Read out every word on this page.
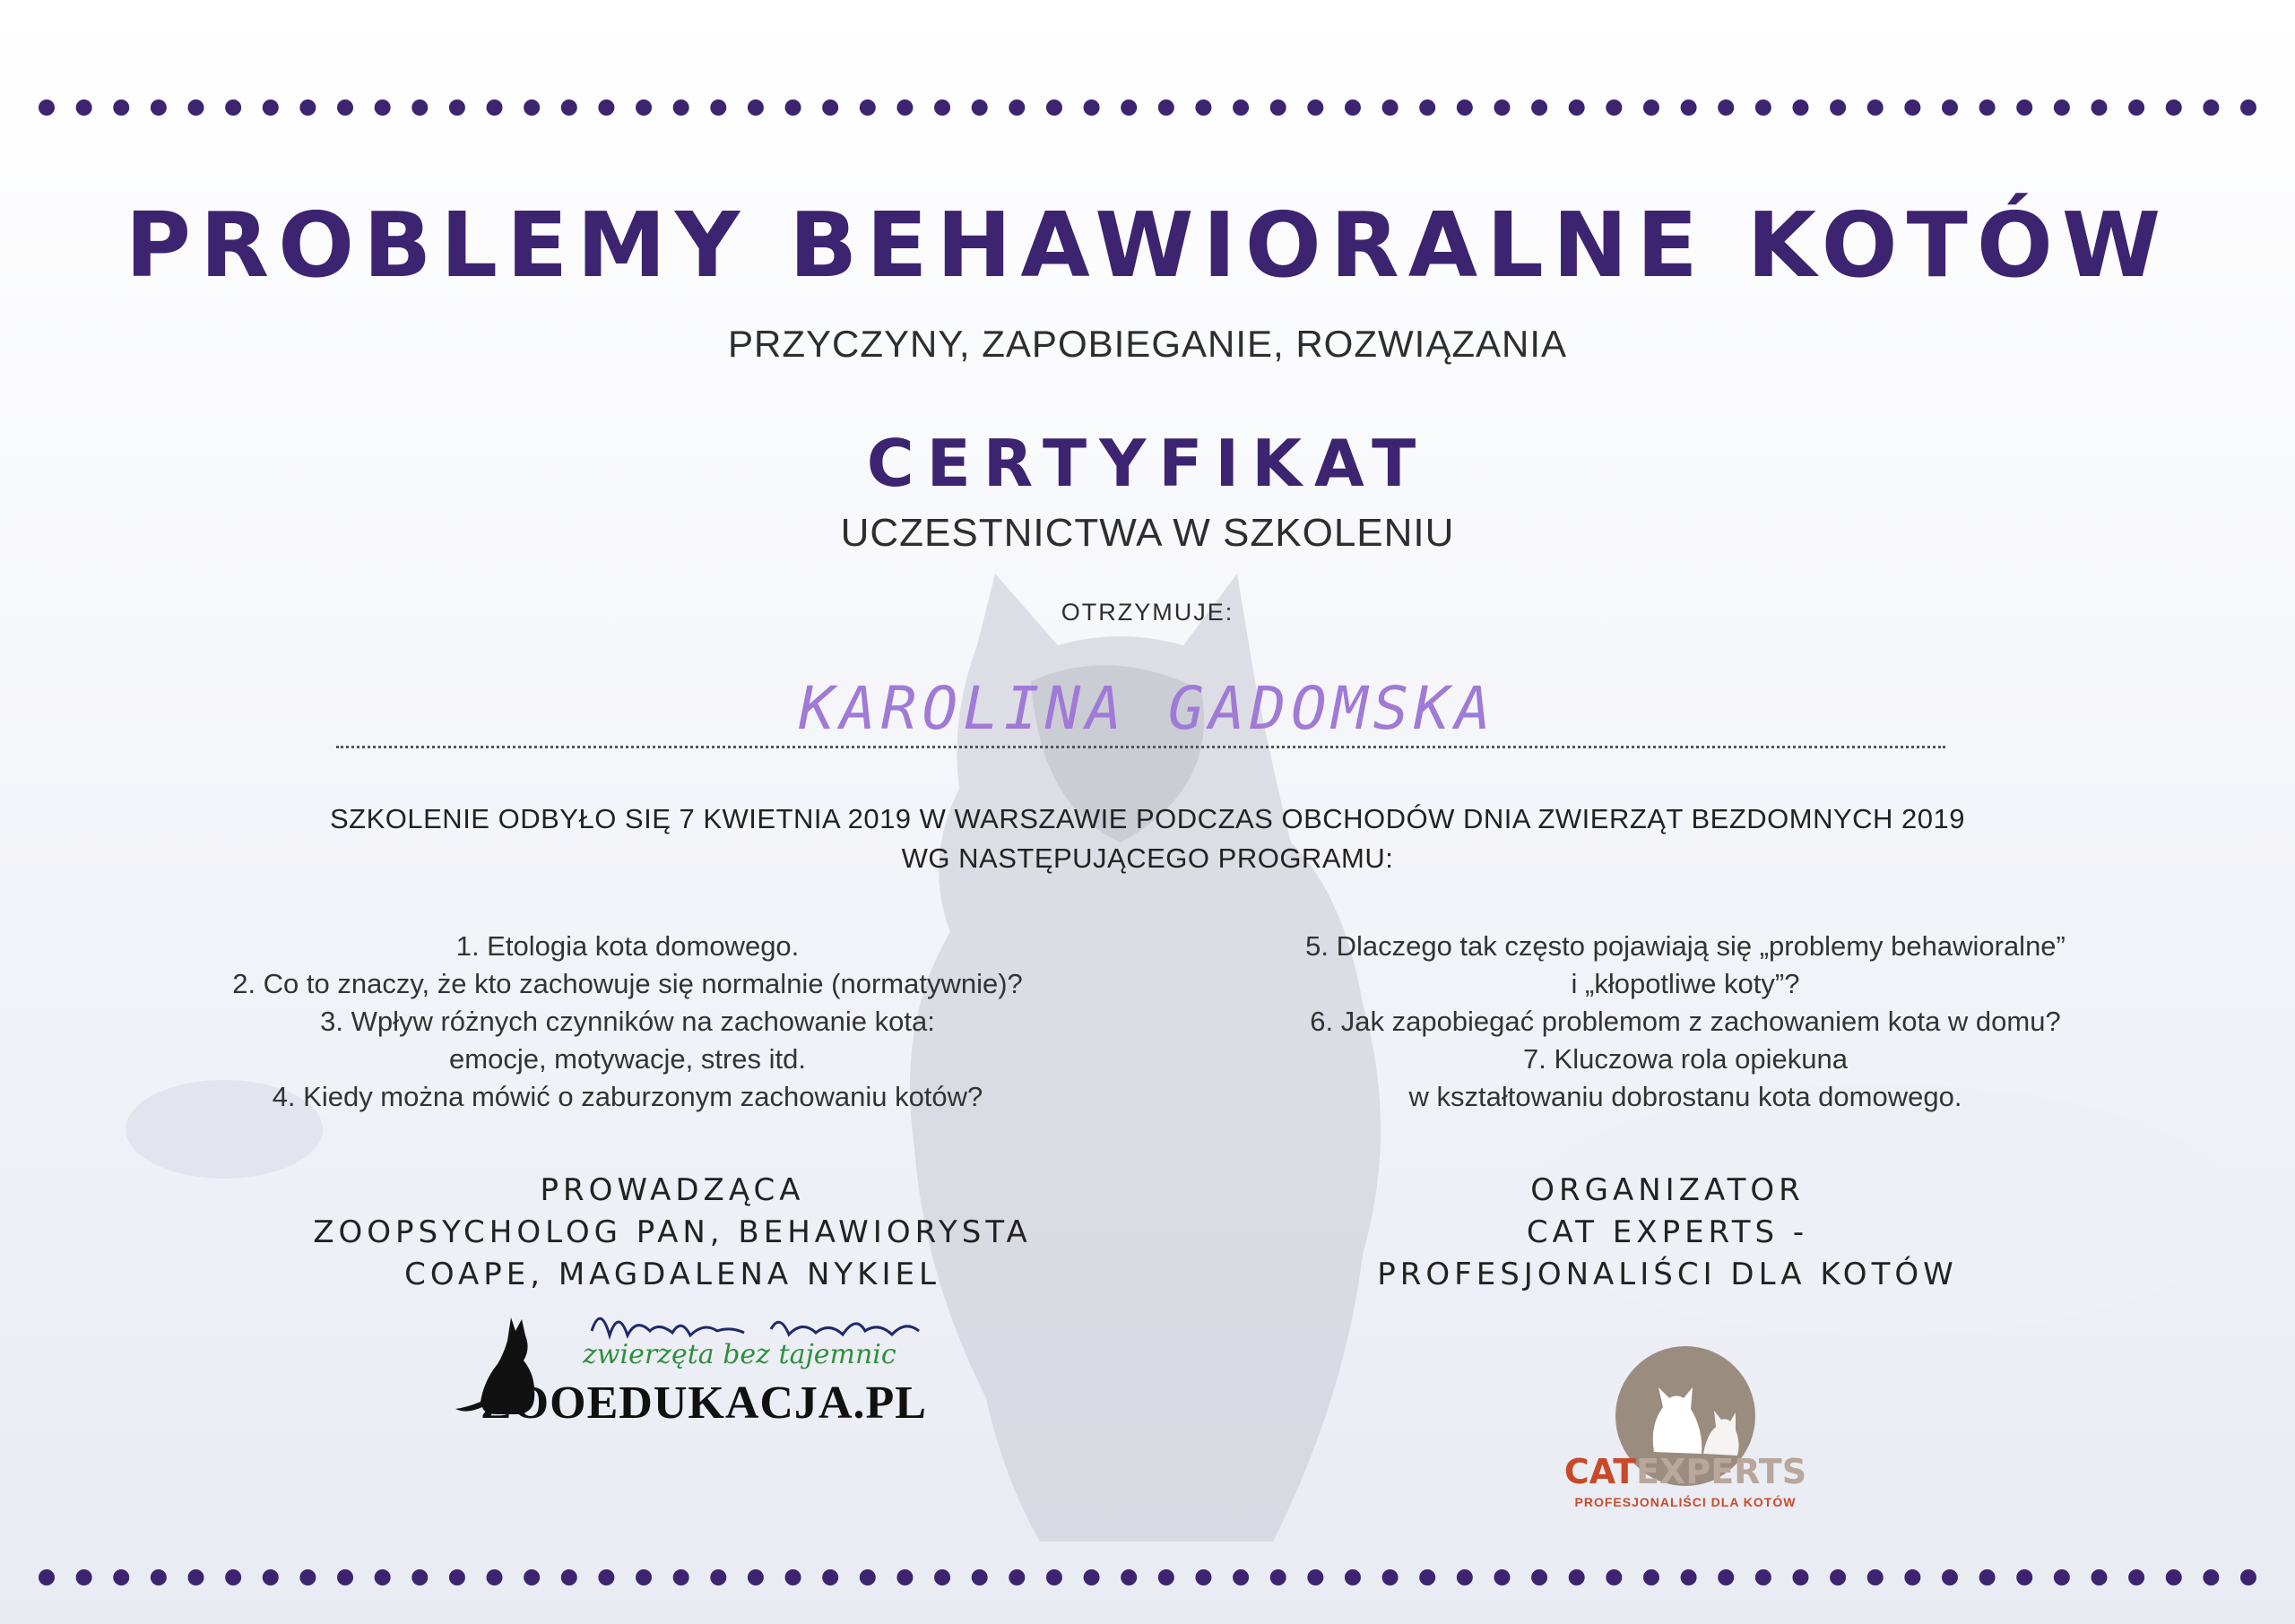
PROBLEMY BEHAWIORALNE KOTÓW
PRZYCZYNY, ZAPOBIEGANIE, ROZWIĄZANIA
CERTYFIKAT
UCZESTNICTWA W SZKOLENIU
OTRZYMUJE:
KAROLINA GADOMSKA
SZKOLENIE ODBYŁO SIĘ 7 KWIETNIA 2019 W WARSZAWIE PODCZAS OBCHODÓW DNIA ZWIERZĄT BEZDOMNYCH 2019
WG NASTĘPUJĄCEGO PROGRAMU:
1. Etologia kota domowego.
2. Co to znaczy, że kto zachowuje się normalnie (normatywnie)?
3. Wpływ różnych czynników na zachowanie kota:
emocje, motywacje, stres itd.
4. Kiedy można mówić o zaburzonym zachowaniu kotów?
5. Dlaczego tak często pojawiają się „problemy behawioralne”
i „kłopotliwe koty”?
6. Jak zapobiegać problemom z zachowaniem kota w domu?
7. Kluczowa rola opiekuna
w kształtowaniu dobrostanu kota domowego.
PROWADZĄCA
ZOOPSYCHOLOG PAN, BEHAWIORYSTA
COAPE, MAGDALENA NYKIEL
ORGANIZATOR
CAT EXPERTS -
PROFESJONALIŚCI DLA KOTÓW
zwierzęta bez tajemnic
ZOOEDUKACJA.PL
CATEXPERTS
PROFESJONALIŚCI DLA KOTÓW
